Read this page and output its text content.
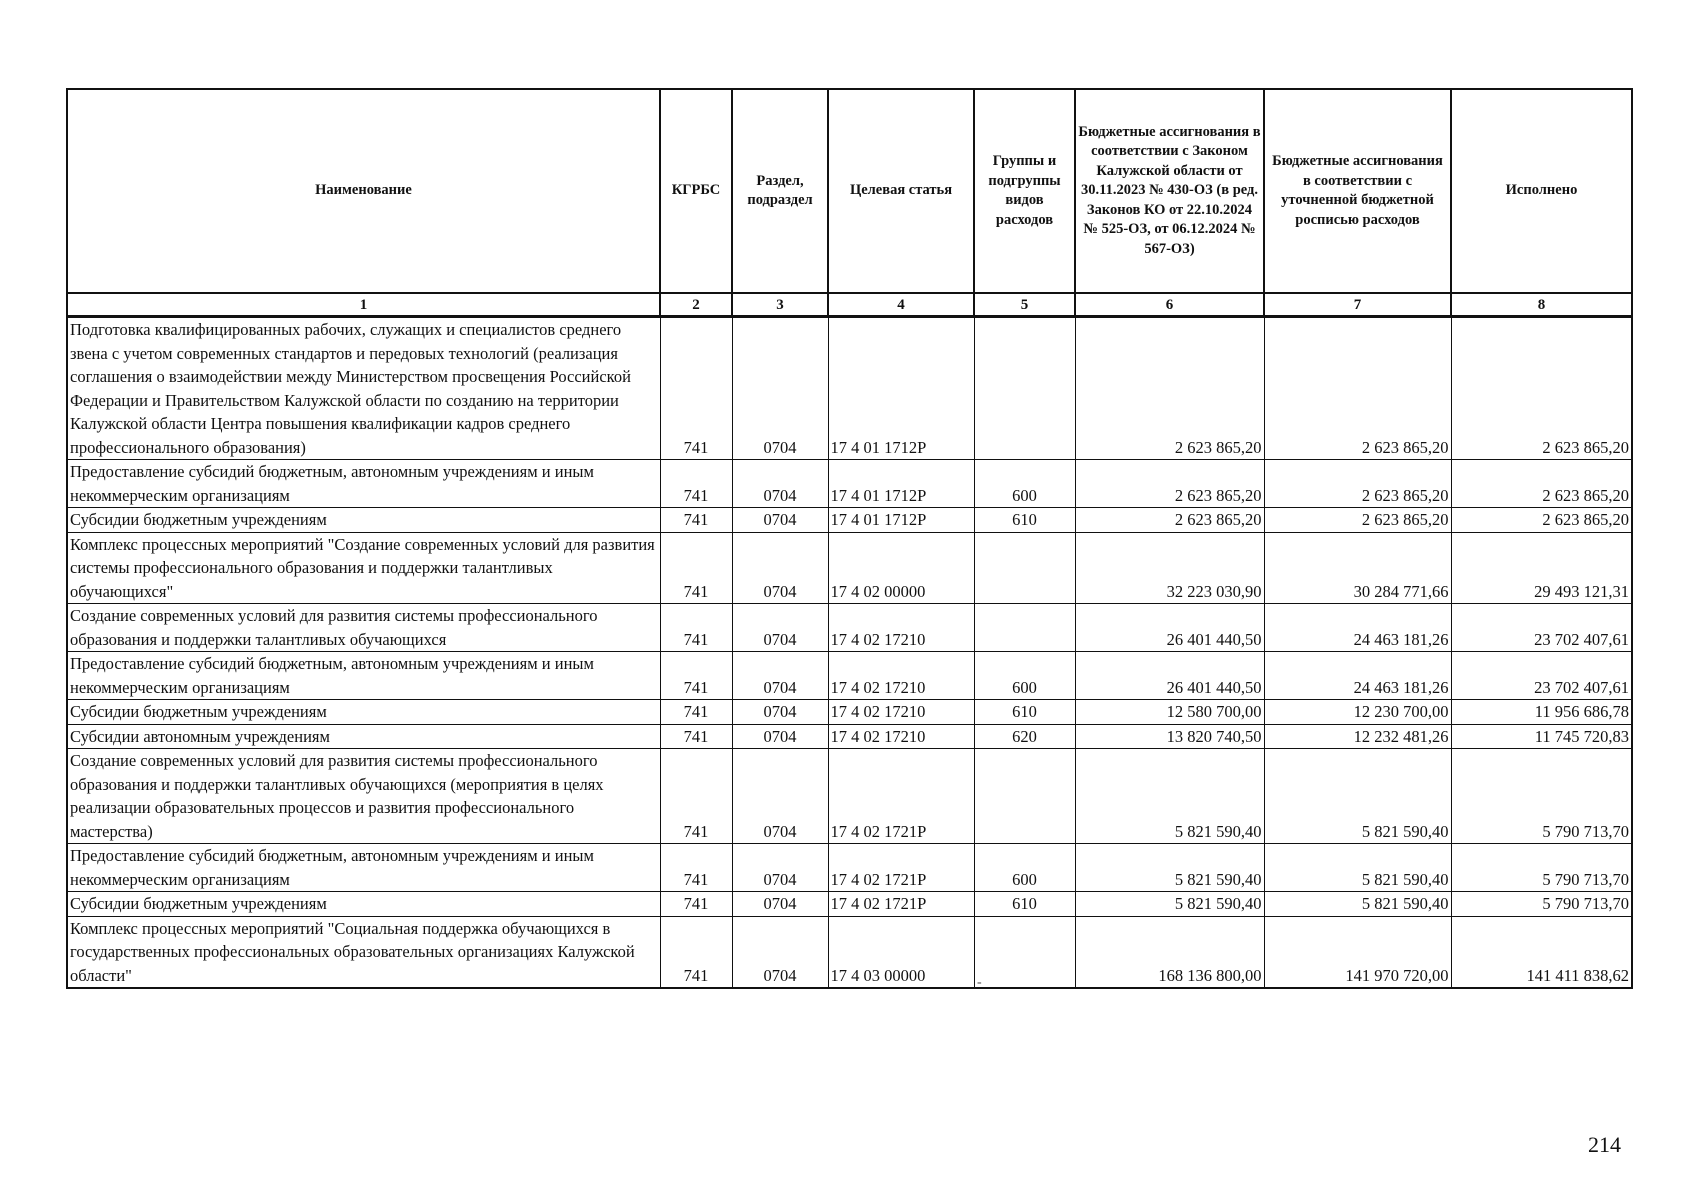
Наименование	КГРБС	Раздел, подраздел	Целевая статья	Группы и подгруппы видов расходов	Бюджетные ассигнования в соответствии с Законом Калужской области от 30.11.2023 № 430-ОЗ (в ред. Законов КО от 22.10.2024 № 525-ОЗ, от 06.12.2024 № 567-ОЗ)	Бюджетные ассигнования в соответствии с уточненной бюджетной росписью расходов	Исполнено
1	2	3	4	5	6	7	8
Подготовка квалифицированных рабочих, служащих и специалистов среднего звена с учетом современных стандартов и передовых технологий (реализация соглашения о взаимодействии между Министерством просвещения Российской Федерации и Правительством Калужской области по созданию на территории Калужской области Центра повышения квалификации кадров среднего профессионального образования)	741	0704	17 4 01 1712Р		2 623 865,20	2 623 865,20	2 623 865,20
Предоставление субсидий бюджетным, автономным учреждениям и иным некоммерческим организациям	741	0704	17 4 01 1712Р	600	2 623 865,20	2 623 865,20	2 623 865,20
Субсидии бюджетным учреждениям	741	0704	17 4 01 1712Р	610	2 623 865,20	2 623 865,20	2 623 865,20
Комплекс процессных мероприятий "Создание современных условий для развития системы профессионального образования и поддержки талантливых обучающихся"	741	0704	17 4 02 00000		32 223 030,90	30 284 771,66	29 493 121,31
Создание современных условий для развития системы профессионального образования и поддержки талантливых обучающихся	741	0704	17 4 02 17210		26 401 440,50	24 463 181,26	23 702 407,61
Предоставление субсидий бюджетным, автономным учреждениям и иным некоммерческим организациям	741	0704	17 4 02 17210	600	26 401 440,50	24 463 181,26	23 702 407,61
Субсидии бюджетным учреждениям	741	0704	17 4 02 17210	610	12 580 700,00	12 230 700,00	11 956 686,78
Субсидии автономным учреждениям	741	0704	17 4 02 17210	620	13 820 740,50	12 232 481,26	11 745 720,83
Создание современных условий для развития системы профессионального образования и поддержки талантливых обучающихся (мероприятия в целях реализации образовательных процессов и развития профессионального мастерства)	741	0704	17 4 02 1721Р		5 821 590,40	5 821 590,40	5 790 713,70
Предоставление субсидий бюджетным, автономным учреждениям и иным некоммерческим организациям	741	0704	17 4 02 1721Р	600	5 821 590,40	5 821 590,40	5 790 713,70
Субсидии бюджетным учреждениям	741	0704	17 4 02 1721Р	610	5 821 590,40	5 821 590,40	5 790 713,70
Комплекс процессных мероприятий "Социальная поддержка обучающихся в государственных профессиональных образовательных организациях Калужской области"	741	0704	17 4 03 00000		168 136 800,00	141 970 720,00	141 411 838,62
-
214
